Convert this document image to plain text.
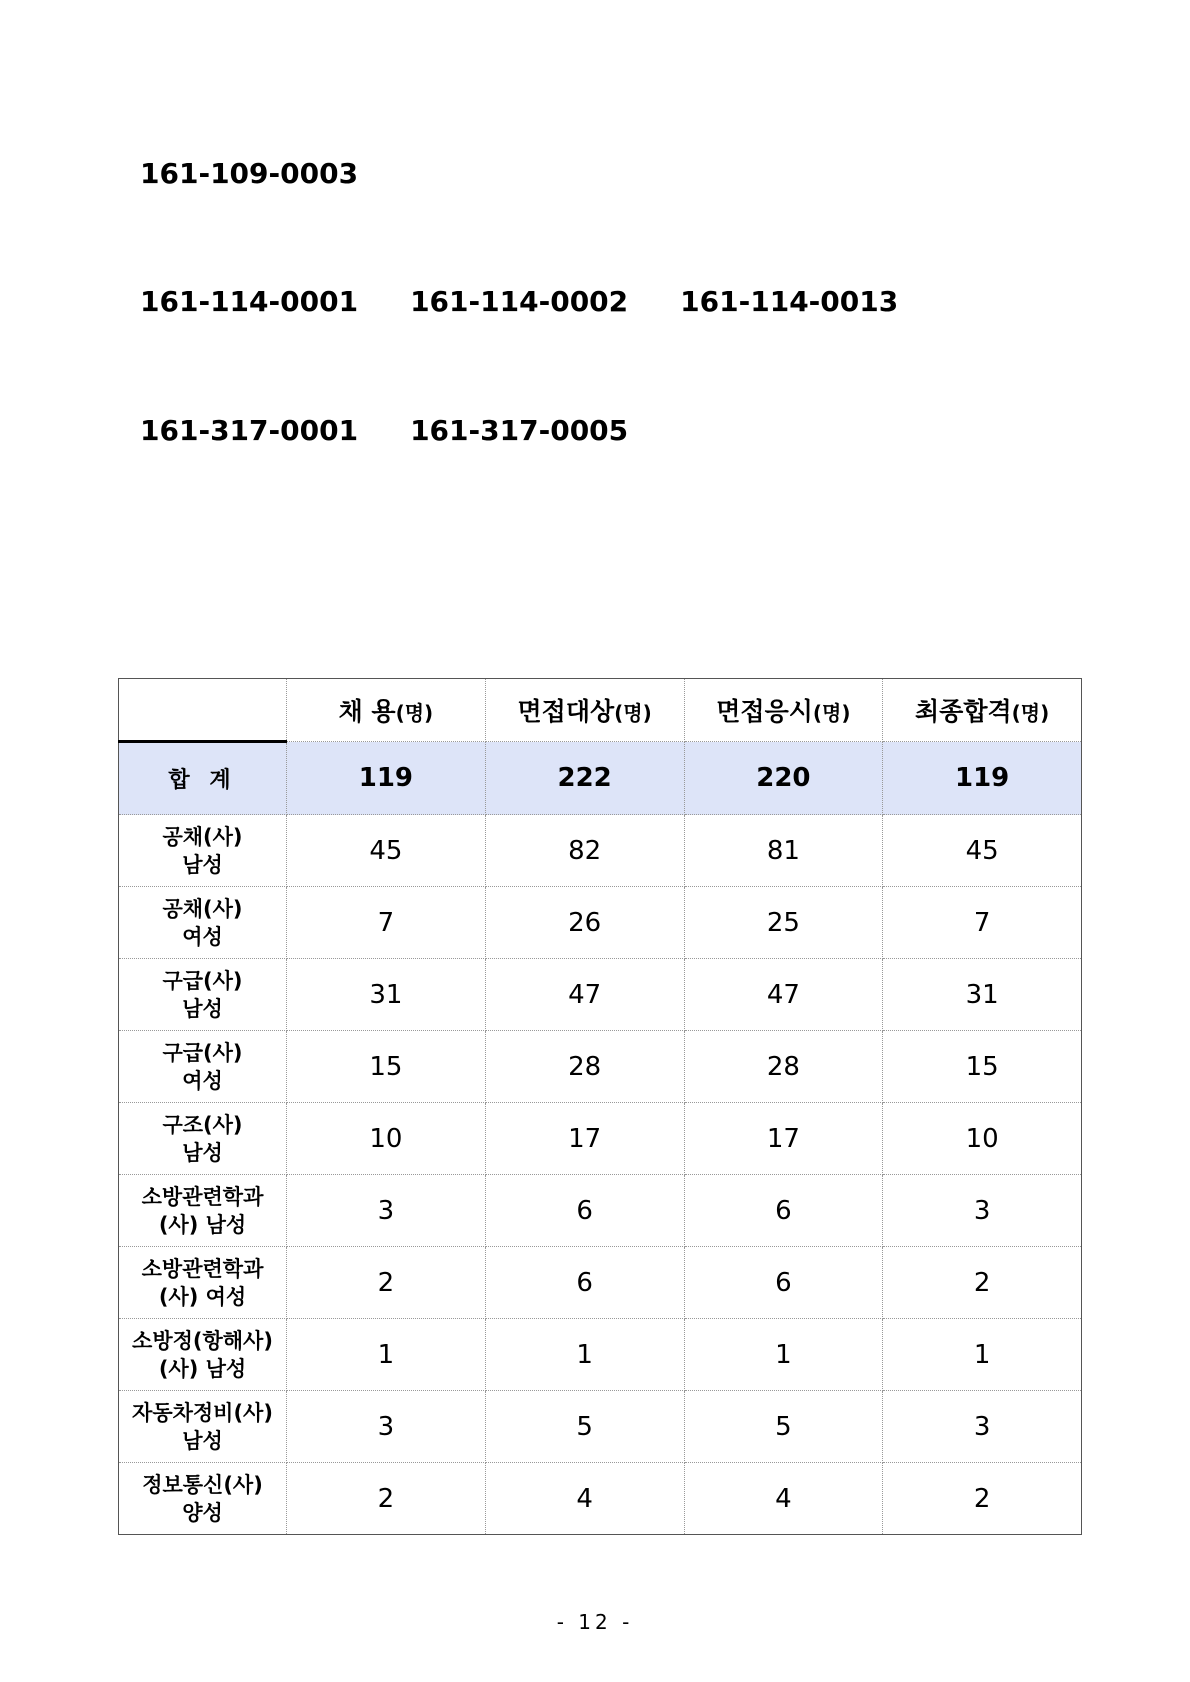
161-109-0003
161-114-0001 161-114-0002 161-114-0013
161-317-0001 161-317-0005
부 산	채 용(명)	면접대상(명)	면접응시(명)	최종합격(명)
합 계	119	222	220	119

공채(사)
남성	45	82	81	45

공채(사)
여성	7	26	25	7

구급(사)
남성	31	47	47	31

구급(사)
여성	15	28	28	15

구조(사)
남성	10	17	17	10

소방관련학과
(사) 남성	3	6	6	3

소방관련학과
(사) 여성	2	6	6	2

소방정(항해사)
(사) 남성	1	1	1	1

자동차정비(사)
남성	3	5	5	3

정보통신(사)
양성	2	4	4	2
- 12 -
